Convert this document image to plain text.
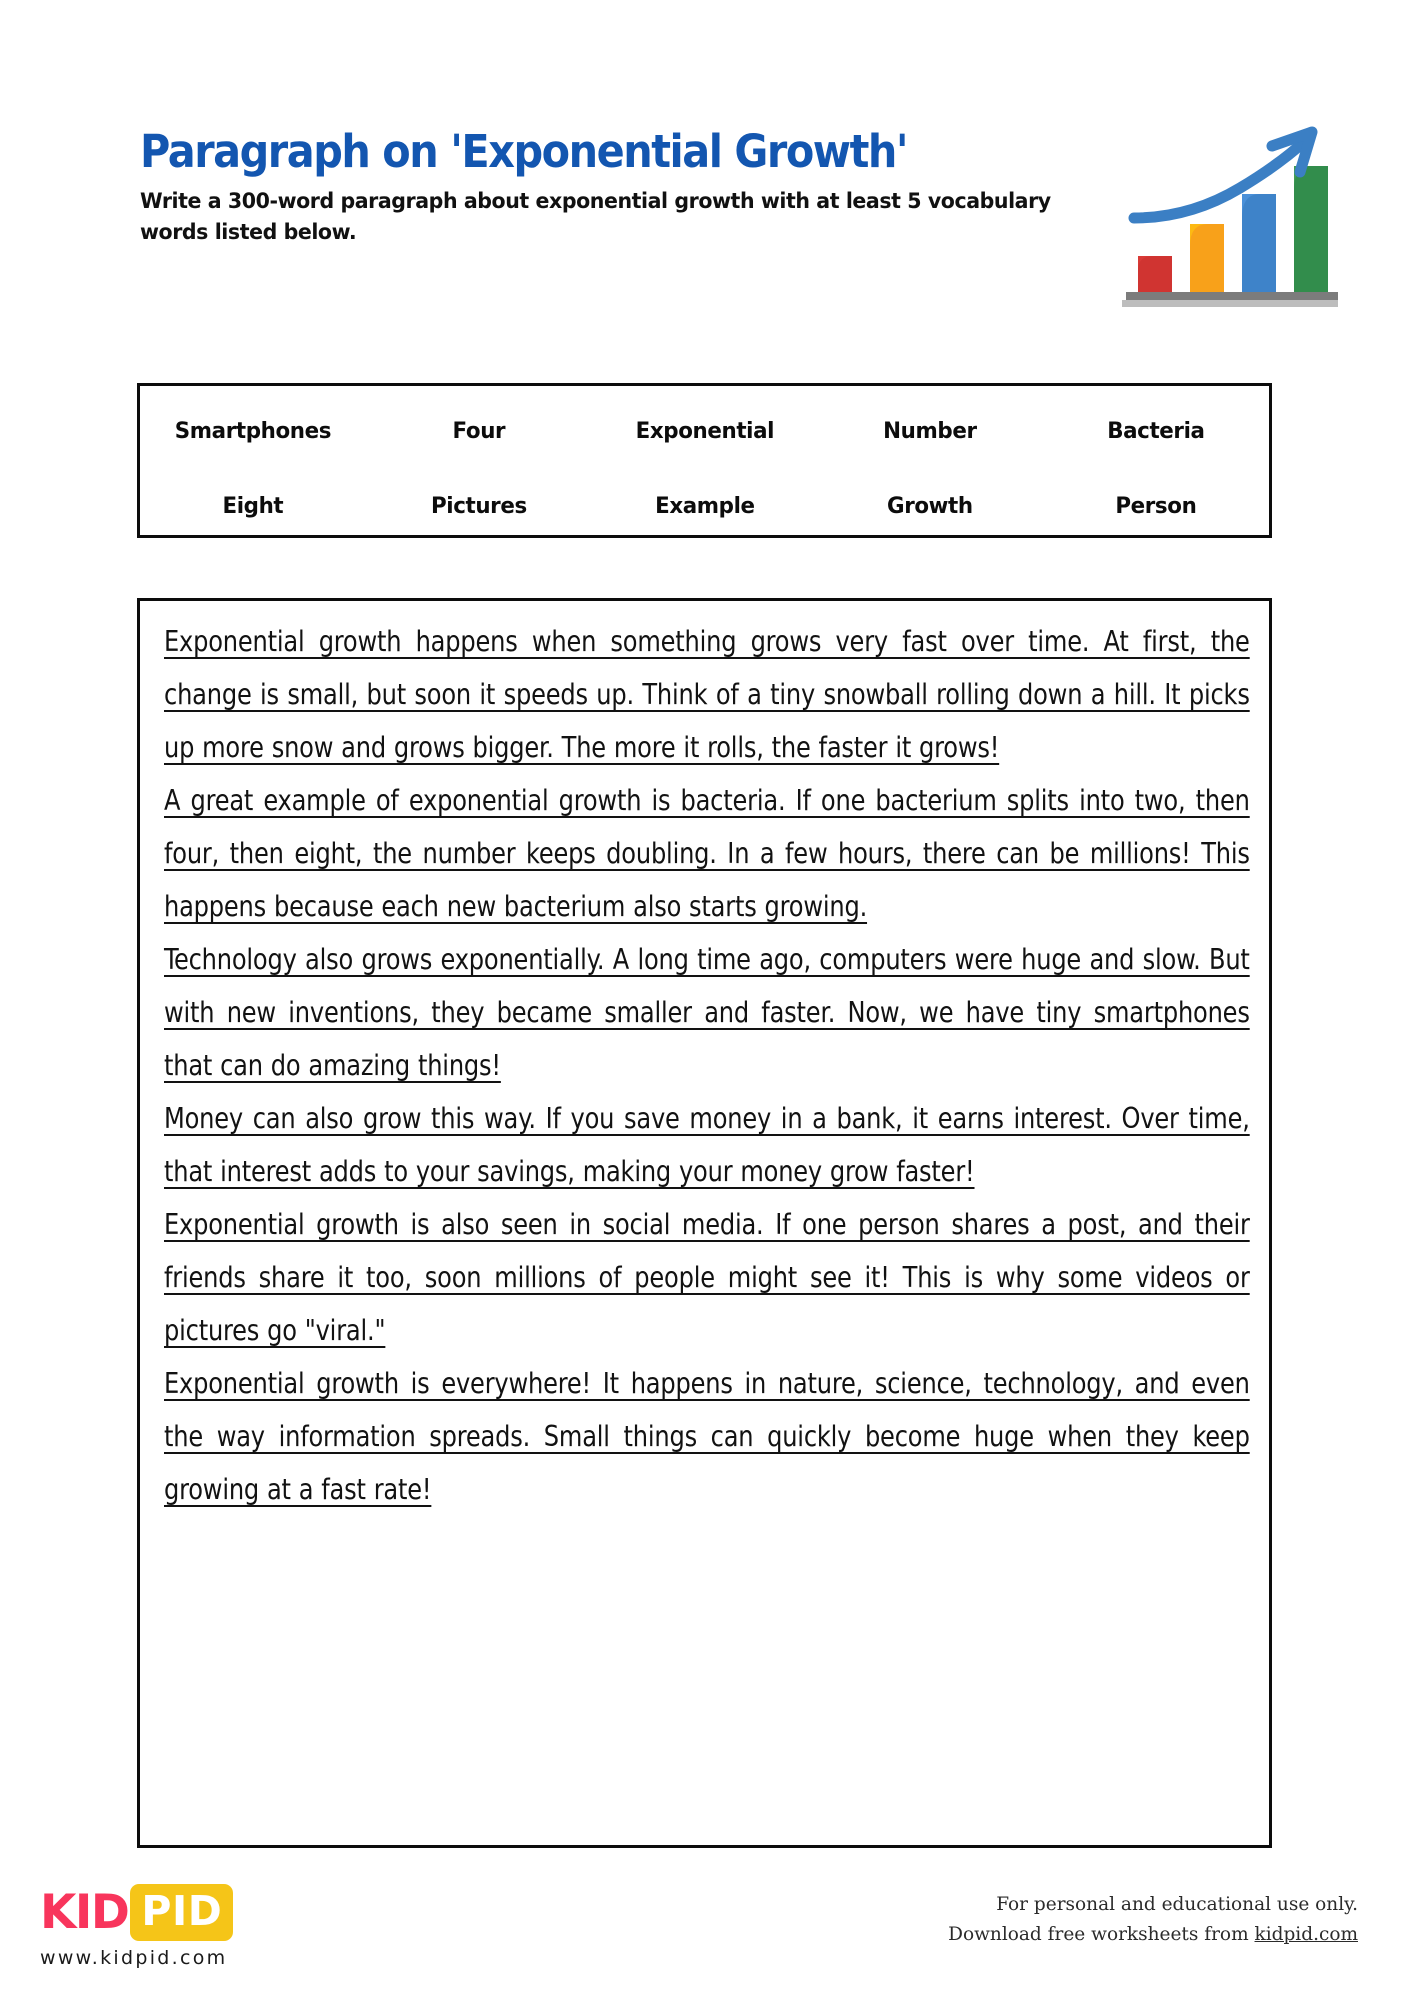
Paragraph on 'Exponential Growth'

Write a 300-word paragraph about exponential growth with at least 5 vocabulary words listed below.

Smartphones	Four	Exponential	Number	Bacteria
Eight	Pictures	Example	Growth	Person

Exponential growth happens when something grows very fast over time. At first, the change is small, but soon it speeds up. Think of a tiny snowball rolling down a hill. It picks up more snow and grows bigger. The more it rolls, the faster it grows!

A great example of exponential growth is bacteria. If one bacterium splits into two, then four, then eight, the number keeps doubling. In a few hours, there can be millions! This happens because each new bacterium also starts growing.

Technology also grows exponentially. A long time ago, computers were huge and slow. But with new inventions, they became smaller and faster. Now, we have tiny smartphones that can do amazing things!

Money can also grow this way. If you save money in a bank, it earns interest. Over time, that interest adds to your savings, making your money grow faster!

Exponential growth is also seen in social media. If one person shares a post, and their friends share it too, soon millions of people might see it! This is why some videos or pictures go "viral."

Exponential growth is everywhere! It happens in nature, science, technology, and even the way information spreads. Small things can quickly become huge when they keep growing at a fast rate!

KID PID
www.kidpid.com
For personal and educational use only.
Download free worksheets from kidpid.com
